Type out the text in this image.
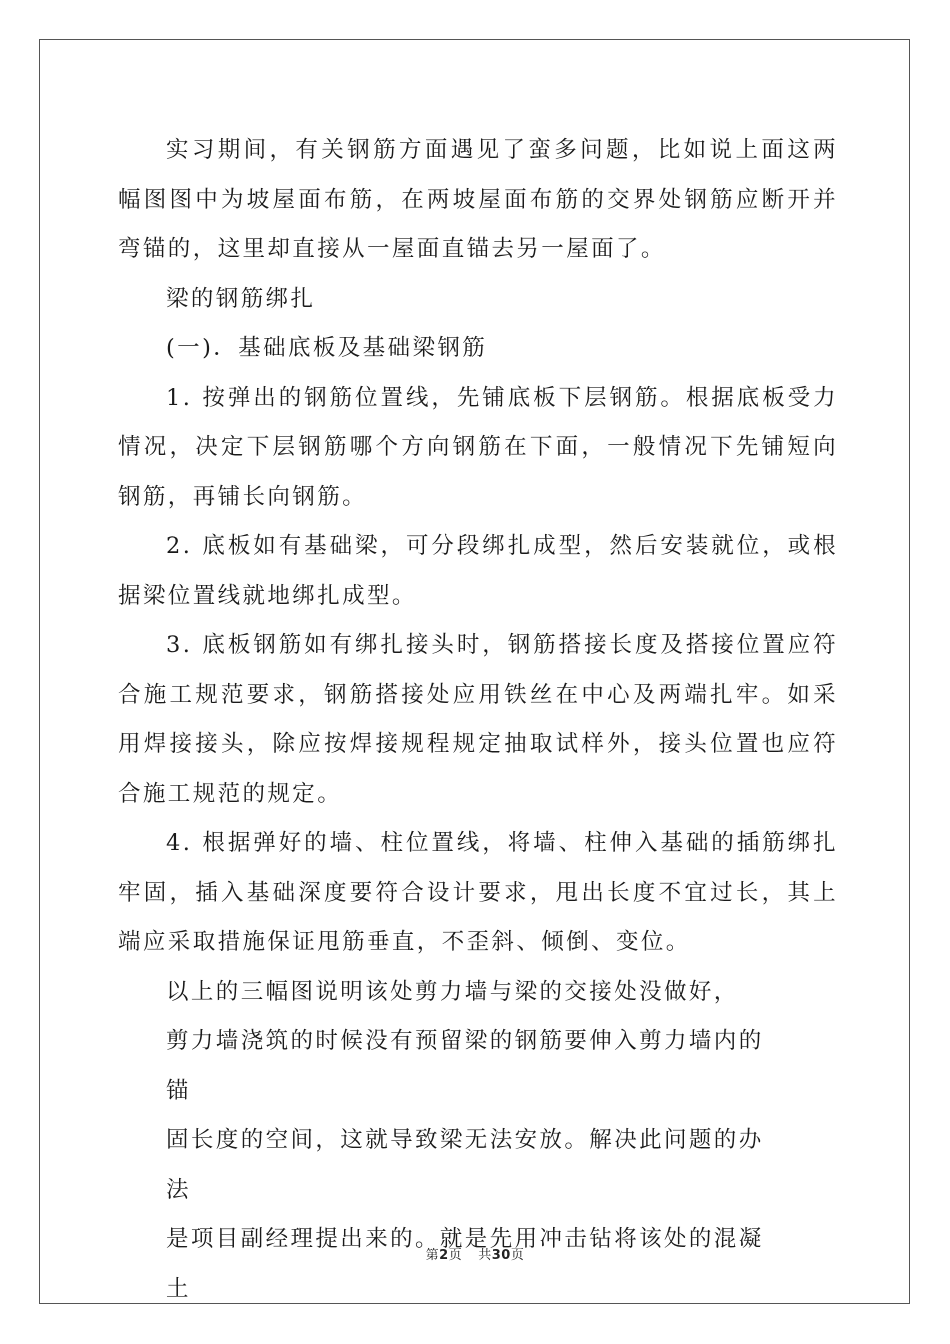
实习期间，有关钢筋方面遇见了蛮多问题，比如说上面这两幅图图中为坡屋面布筋，在两坡屋面布筋的交界处钢筋应断开并弯锚的，这里却直接从一屋面直锚去另一屋面了。

梁的钢筋绑扎

(一)．基础底板及基础梁钢筋

1. 按弹出的钢筋位置线，先铺底板下层钢筋。根据底板受力情况，决定下层钢筋哪个方向钢筋在下面，一般情况下先铺短向钢筋，再铺长向钢筋。

2. 底板如有基础梁，可分段绑扎成型，然后安装就位，或根据梁位置线就地绑扎成型。

3. 底板钢筋如有绑扎接头时，钢筋搭接长度及搭接位置应符合施工规范要求，钢筋搭接处应用铁丝在中心及两端扎牢。如采用焊接接头，除应按焊接规程规定抽取试样外，接头位置也应符合施工规范的规定。

4. 根据弹好的墙、柱位置线，将墙、柱伸入基础的插筋绑扎牢固，插入基础深度要符合设计要求，甩出长度不宜过长，其上端应采取措施保证甩筋垂直，不歪斜、倾倒、变位。

以上的三幅图说明该处剪力墙与梁的交接处没做好，

剪力墙浇筑的时候没有预留梁的钢筋要伸入剪力墙内的锚

固长度的空间，这就导致梁无法安放。解决此问题的办法

是项目副经理提出来的。就是先用冲击钻将该处的混凝土

第2页 共30页
